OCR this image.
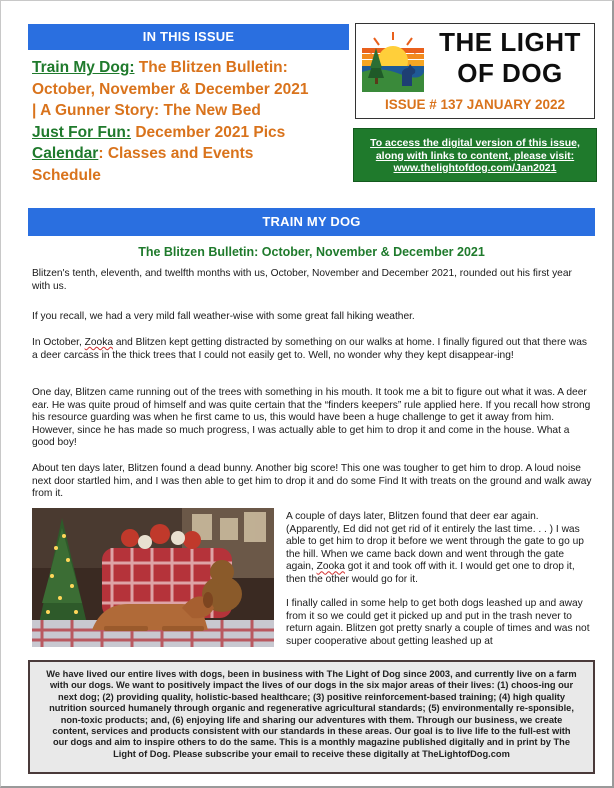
IN THIS ISSUE
Train My Dog: The Blitzen Bulletin:
October, November & December 2021
| A Gunner Story: The New Bed
Just For Fun: December 2021 Pics
Calendar: Classes and Events
Schedule
THE LIGHT
OF DOG
ISSUE # 137 JANUARY 2022
To access the digital version of this issue,
along with links to content, please visit:
www.thelightofdog.com/Jan2021
TRAIN MY DOG
The Blitzen Bulletin: October, November & December 2021

Blitzen's tenth, eleventh, and twelfth months with us, October, November and December 2021, rounded out his first year with us.

If you recall, we had a very mild fall weather-wise with some great fall hiking weather.

In October, Zooka and Blitzen kept getting distracted by something on our walks at home. I finally figured out that there was a deer carcass in the thick trees that I could not easily get to. Well, no wonder why they kept disappear-ing!

One day, Blitzen came running out of the trees with something in his mouth. It took me a bit to figure out what it was. A deer ear. He was quite proud of himself and was quite certain that the “finders keepers” rule applied here. If you recall how strong his resource guarding was when he first came to us, this would have been a huge challenge to get it away from him. However, since he has made so much progress, I was actually able to get him to drop it and come in the house. What a good boy!

About ten days later, Blitzen found a dead bunny. Another big score! This one was tougher to get him to drop. A loud noise next door startled him, and I was then able to get him to drop it and do some Find It with treats on the ground and walk away from it.

A couple of days later, Blitzen found that deer ear again. (Apparently, Ed did not get rid of it entirely the last time. . . ) I was able to get him to drop it before we went through the gate to go up the hill. When we came back down and went through the gate again, Zooka got it and took off with it. I would get one to drop it, then the other would go for it.

I finally called in some help to get both dogs leashed up and away from it so we could get it picked up and put in the trash never to return again. Blitzen got pretty snarly a couple of times and was not super cooperative about getting leashed up at

We have lived our entire lives with dogs, been in business with The Light of Dog since 2003, and currently live on a farm with our dogs. We want to positively impact the lives of our dogs in the six major areas of their lives: (1) choos-ing our next dog; (2) providing quality, holistic-based healthcare; (3) positive reinforcement-based training; (4) high quality nutrition sourced humanely through organic and regenerative agricultural standards; (5) environmentally re-sponsible, non-toxic products; and, (6) enjoying life and sharing our adventures with them. Through our business, we create content, services and products consistent with our standards in these areas. Our goal is to live life to the full-est with our dogs and aim to inspire others to do the same. This is a monthly magazine published digitally and in print by The Light of Dog. Please subscribe your email to receive these digitally at TheLightofDog.com
